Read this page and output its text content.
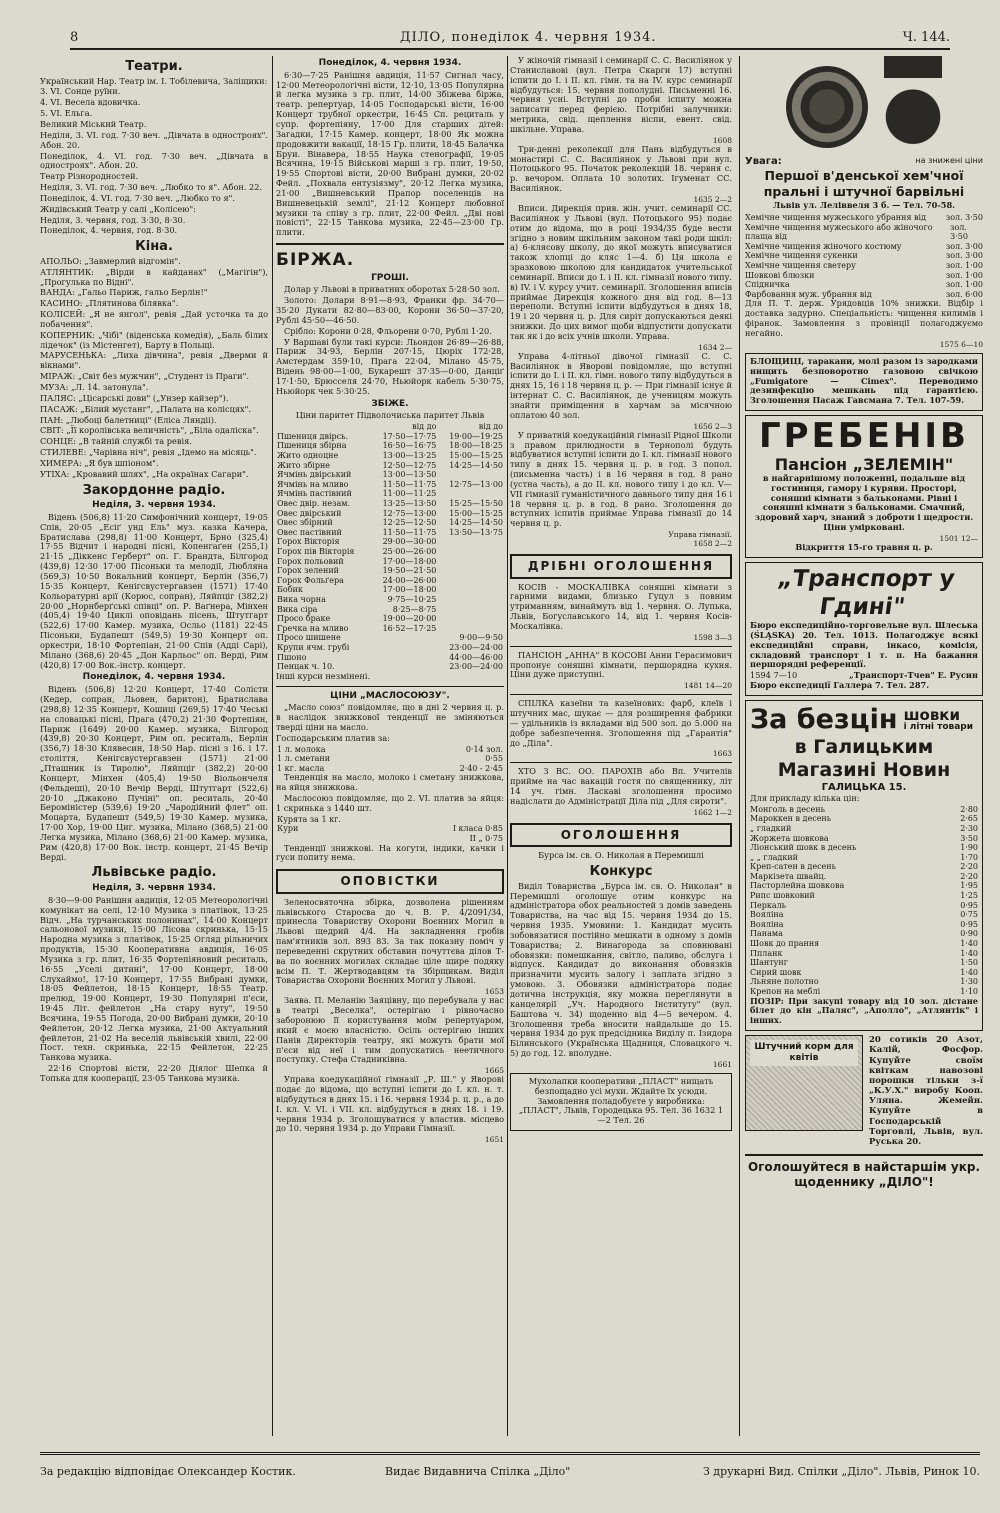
8	ДІЛО, понеділок 4. червня 1934.	Ч. 144.
Театри.

Український Нар. Театр ім. І. Тобілевича, Заліщики:

3. VI. Сонце руїни.

4. VI. Весела вдовичка.

5. VI. Ельга.

Великий Міський Театр.

Неділя, 3. VI. год. 7·30 веч. „Дівчата в одностроях". Абон. 20.

Понеділок, 4. VI. год. 7·30 веч. „Дівчата в одностроях". Абон. 20.

Театр Різнородностей.

Неділя, 3. VI. год. 7·30 веч. „Любко то я". Абон. 22.

Понеділок, 4. VI. год. 7·30 веч. „Любко то я".

Жидівський Театр у салі „Колісею":

Неділя, 3. червня, год. 3·30, 8·30.

Понеділок, 4. червня, год. 8·30.

Кіна.

АПОЛЬО: „Завмерлий відгомін".

АТЛЯНТИК: „Вірди в кайданах" („Магігін"), „Прогулька по Відні".

ВАНДА: „Гальо Париж, гальо Берлін!"

КАСИНО: „Плятинова білявка".

КОЛІСЕЙ: „Я не янгол", ревія „Дай усточка та до побачення".

КОПЕРНИК: „Чібі" (віденська комедія), „Баль білих лідечок" (із Містенгет), Барту в Польщі.

МАРУСЕНЬКА: „Лиха дівчина", ревія „Дверми й вікнами".

МІРАЖ: „Світ без мужчин", „Студент із Праги".

МУЗА: „Л. 14. затонула".

ПАЛЯС: „Цісарські дови" („Унзер кайзер").

ПАСАЖ: „Білий мустанг", „Палата на колісцях".

ПАН: „Любоці балетниці" (Еліса Ляндіі).

СВІТ: „Її королівська величність", „Біла одаліска".

СОНЦЕ: „В тайній службі та ревія.

СТИЛЕВЕ: „Чарівна ніч", ревія „Ідемо на місяць".

ХИМЕРА: „Я був шпіоном".

УТІХА: „Кровавий шлях", „На окраїнах Сагари".

Закордонне радіо.
Неділя, 3. червня 1934.

Відень (506,8) 11·20 Симфонічний концерт, 19·05 Спів, 20·05 „Есіґ унд Ель" муз. казка Качера, Братислава (298,8) 11·00 Концерт, Брно (325,4) 17·55 Відчит і народні пісні, Копенгаґен (255,1) 21·15 „Діккенс Герберт" оп. Г. Брандта, Білгород (439,8) 12·30 17·00 Пісоньки та мелодії, Любляна (569,3) 10·50 Вокальний концерт, Берлін (356,7) 15·35 Концерт, Кенігсвустергавзен (1571) 17·40 Кольоратурні арії (Корюс, сопран), Ляйпціг (382,2) 20·00 „Норнберґські співці" оп. Р. Ваґнера, Мінхен (405,4) 19·40 Циклі оповідань пісень, Штутгарт (522,6) 17·00 Камер. музика, Осльо (1181) 22·45 Пісоньки, Будапешт (549,5) 19·30 Концерт оп. оркестри, 18·10 Фортепіан, 21·00 Спів (Адді Сарі), Мілано (368,6) 20·45 „Дон Карльос" оп. Верді, Рим (420,8) 17·00 Вок.-інстр. концерт.

Понеділок, 4. червня 1934.

Відень (506,8) 12·20 Концерт, 17·40 Солісти (Кедер, сопран, Льовен, баритон), Братислава (298,8) 12·35 Концерт, Кошиці (269,5) 17·40 Чеські на словацькі пісні, Прага (470,2) 21·30 Фортепіян, Париж (1649) 20·00 Камер. музика, Білгород (439,8) 20·30 Концерт, Рим оп. реситаль, Берлін (356,7) 18·30 Клявесин, 18·50 Нар. пісні з 16. і 17. століття, Кенігсвустергавзен (1571) 21·00 „Пташник із Тиролю", Ляйпціг (382,2) 20·00 Концерт, Мінхен (405,4) 19·50 Віольончеля (Фельдеші), 20·10 Вечір Верді, Штутгарт (522,6) 20·10 „Джаконо Пучіні" оп. реситаль, 20·40 Бероміністер (539,6) 19·20 „Чародійний флет" оп. Моцарта, Будапешт (549,5) 19·30 Камер. музика, 17·00 Хор, 19·00 Циг. музика, Мілано (368,5) 21·00 Легка музика, Мілано (368,6) 21·00 Камер. музика, Рим (420,8) 17·00 Вок. інстр. концерт, 21·45 Вечір Верді.

Львівське радіо.
Неділя, 3. червня 1934.

8·30—9·00 Ранішня авдиція, 12·05 Метеорологічні комунікат на селі, 12·10 Музика з платівок, 13·25 Відч. „На турчанських полонинах", 14·00 Концерт сальонової музики, 15·00 Лісова скринька, 15·15 Народна музика з платівок, 15·25 Огляд рільничих продуктів, 15·30 Кооперативна авдиція, 16·05 Музика з гр. плит, 16·35 Фортепіяновий реситаль, 16·55 „Уселі дитині", 17·00 Концерт, 18·00 Слухаймо!, 17·10 Концерт, 17·55 Вибрані думки, 18·05 Фейлетон, 18·15 Концерт, 18·55 Театр. прелюд, 19·00 Концерт, 19·30 Популярні п'єси, 19·45 Літ. фейлетон „На стару нуту", 19·50 Всячина, 19·55 Погода, 20·00 Вибрані думки, 20·10 Фейлетон, 20·12 Легка музика, 21·00 Актуальний фейлетон, 21·02 На веселій львівській хвилі, 22·00 Пост. техн. скринька, 22·15 Фейлетон, 22·25 Танкова музика.

22·16 Спортові вісти, 22·20 Діялог Шепка й Топька для кооперації, 23·05 Танкова музика.

Понеділок, 4. червня 1934.

6·30—7·25 Ранішня авдиція, 11·57 Сигнал часу, 12·00 Метеорологічні вісти, 12·10, 13·05 Популярна й легка музика з гр. плит, 14·00 Збіжева біржа, театр. репертуар, 14·05 Господарські вісти, 16·00 Концерт трубної оркестри, 16·45 Сп. рециталь у супр. фортепіяну, 17·00 Для старших дітей: Загадки, 17·15 Камер. концерт, 18·00 Як можна продовжити вакації, 18·15 Гр. плити, 18·45 Балачка Бруи. Вінавера, 18·55 Наука стенографії, 19·05 Всячина, 19·15 Військові марші з гр. плит, 19·50, 19·55 Спортові вісти, 20·00 Вибрані думки, 20·02 Фейл. „Похвала ентузіязму", 20·12 Легка музика, 21·00 „Вишневський Прапор поселенців на Вишневецькій землі", 21·12 Концерт любовної музики та співу з гр. плит, 22·00 Фейл. „Дві нові повісті", 22·15 Танкова музика, 22·45—23·00 Гр. плити.

БІРЖА.
ГРОШІ.

Долар у Львові в приватних оборотах 5·28·50 зол.

Золото: Долари 8·91—8·93, Франки фр. 34·70—35·20 Дукати 82·80—83·00, Корони 36·50—37·20, Рублі 45·50—46·50.

Срібло: Корони 0·28, Фльорени 0·70, Рублі 1·20.

У Варшаві були такі курси: Льондон 26·89—26·88, Париж 34·93, Берлін 207·15, Цюріх 172·28, Амстердам 359·10, Прага 22·04, Мілано 45·75, Відень 98·00—1·00, Букарешт 37·35—0·00, Данціґ 17·1·50, Брюсселя 24·70, Ньюйорк кабель 5·30·75, Ньюйорк чек 5·30·25.

ЗБІЖЕ.

Ціни паритет Підволочиська паритет Львів

	від до	від до
Пшениця двірсь.	17·50—17·75	19·00—19·25
Пшениця збірна	16·50—16·75	18·00—18·25
Жито одноцне	13·00—13·25	15·00—15·25
Жито збірне	12·50—12·75	14·25—14·50
Ячмінь двірський	13·00—13·50	
Ячмінь на мливо	11·50—11·75	12·75—13·00
Ячмінь пастівний	11·00—11·25	
Овес двір. незам.	13·25—13·50	15·25—15·50
Овес двірський	12·75—13·00	15·00—15·25
Овес збірний	12·25—12·50	14·25—14·50
Овес пастівний	11·50—11·75	13·50—13·75
Горох Вікторія	29·00—30·00	
Горох пів Вікторія	25·00—26·00	
Горох польовий	17·00—18·00	
Горох зелений	19·50—21·50	
Горох Фольґера	24·00—26·00	
Бобик	17·00—18·00	
Вика чорна	9·75—10·25	
Вика сіра	8·25—8·75	
Просо браке	19·00—20·00	
Гречка на мливо	16·52—17·25	
Просо шишене		9·00—9·50
Крупи ячм. грубі		23·00—24·00
Пшоно		44·00—46·00
Пенцак ч. 10.		23·00—24·00

Інші курси незмінені.

ЦІНИ „МАСЛОСОЮЗУ".

„Масло союз" повідомляє, що в дні 2 червня ц. р. в наслідок знижкової тенденції не зміняються тверді ціни на масло.

Господарським платив за:

1 л. молока	0·14 зол.
1 л. сметани	0·55
1 кг. масла	2·40 - 2·45

Тенденція на масло, молоко і сметану знижкова, на яйця знижкова.

Маслосоюз повідомляє, що 2. VI. платив за яйця: 1 скринька з 1440 шт.

Курята за 1 кг.	
Кури	I класа 0·85
	II „ 0·75

Тенденції знижкові. На когути, індики, качки і гуси попиту нема.

ОПОВІСТКИ

Зеленосвяточна збірка, дозволена рішенням львівського Старосва до ч. В. Р. 4/2091/34, принесла Товариству Охорони Воєнних Могил в Львові щедрий 4/4. На закладнення гробів пам'ятників зол. 893 83. За так показну поміч у переведенні скрутних обставин почуттєва ділов Т-ва по воєнних могилах складає ціле щире подяку всім П. Т. Жертводавцям та Збірщикам. Виділ Товариства Охорони Воєнних Могил у Львові.

1653

Заява. П. Меланію Заяцівну, що перебувала у нас в театрі „Веселка", остерігаю і рівночасно заборонюю її користування моїм репертуаром, який є моєю власністю. Осіль остерігаю інших Панів Директорів театру, які можуть брати мої п'єси від неї і тим допускатись неетичного поступку. Стефа Стадниківна.

1665

Управа коедукаційної гімназії „Р. Ш." у Яворові подає до відома, що вступні іспити до I. кл. н. т. відбудуться в днях 15. і 16. червня 1934 р. ц. р., а до I. кл. V. VI. і VII. кл. відбудуться в днях 18. і 19. червня 1934 р. Зголошуватися у властив. місцево до 10. червня 1934 р. до Управи Гімназії.

1651

У жіночій гімназії і семинарії С. С. Василіянок у Станиславові (вул. Петра Скарги 17) вступні іспити до I. і II. кл. гімн. та на IV. курс семинарії відбудуться: 15. червня пополудні. Письменні 16. червня усні. Вступні до проби іспиту можна записати перед ферією. Потрібні залучники: метрика, свід. щеплення віспи, евент. свід. шкільне. Управа.

1608

Три-денні реколекції для Пань відбудуться в монастирі С. С. Василіянок у Львові при вул. Потоцького 95. Початок реколекцій 18. червня с. р. вечором. Оплата 10 золотих. Ігуменат СС. Василіянок.

1635 2—2

Вписи. Дирекція прив. жін. учит. семинарії СС. Василіянок у Львові (вул. Потоцького 95) подає отим до відома, що в році 1934/35 буде вести згідно з новим шкільним законом такі роди шкіл: а) 6-клясову школу, до якої можуть вписуватися також хлопці до кляс 1—4. б) Ця школа є зразковою школою для кандидаток учительської семинарії. Вписи до I. і II. кл. гімназії нового типу. в) IV. і V. курсу учит. семинарії. Зголошення вписів приймає Дирекція кожного дня від год. 8—13 переполи. Вступні іспити відбудуться в днях 18, 19 і 20 червня ц. р. Для сиріт допускаються деякі знижки. До цих вимог щоби відпустити допускати так як і до всіх учнів школи. Управа.

1634 2—

Управа 4-літньої дівочої гімназії С. С. Василіянок в Яворові повідомляє, що вступні іспити до I. і II. кл. гімн. нового типу відбудуться в днях 15, 16 і 18 червня ц. р. — При гімназії існує й інтернат С. С. Василіянок, де ученицям можуть знайти приміщення в харчам за місячною оплатою 40 зол.

1656 2—3

У приватній коедукаційній гімназії Рідної Школи з правом прилюдности в Тернополі будуть відбуватися вступні іспити до I. кл. гімназії нового типу в днях 15. червня ц. р. в год. 3 попол. (письменна часть) і в 16 червня в год. 8 рано (устна часть), а до II. кл. нового типу і до кл. V—VII гімназії гуманістичного давнього типу дня 16 і 18 червня ц. р. в год. 8 рано. Зголошення до вступних іспитів приймає Управа гімназії до 14 червня ц. р.

Управа гімназії.
1658 2—2
ДРІБНІ ОГОЛОШЕННЯ

КОСІВ - МОСКАЛІВКА соняшні кімнати з гарними видами, близько Гуцул з повним утриманням, винаймуть від 1. червня. О. Лупька, Львів, Богуславського 14, від 1. червня Косів-Москалівка.

1598 3—3

ПАНСІОН „АННА" В КОСОВІ Анни Герасимович пропонує соняшні кімнати, першорядна кухня. Ціни дуже приступні.

1481 14—20

СПІЛКА казеїни та казеїнових: фарб, клеїв і штучних мас, шукає — для розширення фабрики — удільників із вкладами від 500 зол. до 5.000 на добре забезпечення. Зголошення під „Гарантія" до „Діла".

1663

ХТО З ВС. ОО. ПАРОХІВ або Вп. Учителів прийме на час вакацій гостя по священнику, літ 14 уч. гімн. Ласкаві зголошення просимо надіслати до Адміністрації Діла під „Для сироти".

1662 1—2
ОГОЛОШЕННЯ

Бурса ім. св. О. Николая в Перемишлі

Конкурс

Виділ Товариства „Бурса ім. св. О. Николая" в Перемишлі оголошує отим конкурс на адміністратора обох реальностей з домів заведень Товариства, на час від 15. червня 1934 до 15. червня 1935. Умовини: 1. Кандидат мусить зобовязатися постійно мешкати в одному з домів Товариства; 2. Винагорода за сповнювані обовязки: помешкання, світло, паливо, обслуга і відпуск. Кандидат до виконання обовязків призначити мусить залогу і заплата згідно з умовою. 3. Обовязки адміністратора подає дотична інструкція, яку можна переглянути в канцелярії „Уч. Народного Інституту" (вул. Баштова ч. 34) щоденно від 4—5 вечером. 4. Зголошення треба вносити найдальше до 15. червня 1934 до рук предсідника Виділу п. Ізидора Білинського (Українська Щадниця, Словацкого ч. 5) до год. 12. вполудне.

1661

Мухолапки кооперативи „ПЛАСТ" нищать безпощадно усі мухи. Ждайте їх усюди. Замовлення поладобуєте у виробника: „ПЛАСТ", Львів, Городецька 95. Тел. 36 1632 1—2 Тел. 26

Увага:	на знижені ціни
Першої в'денської хем'чної пральні і штучної барвільні

Львів ул. Леліввеля 3 б. — Тел. 70-58.

Хемічне чищення мужеського убрання від зол. 3·50
Хемічне чищення мужеського або жіночого плаща від
зол. 3·50
Хемічне чищення жіночого костюму	зол. 3·00
Хемічне чищення сукенки	зол. 3·00
Хемічне чищення светеру	зол. 1·00
Шовкові блюзки	зол. 1·00
Спідничка	зол. 1·00
Фарбовання муж. убрання від	зол. 6·00

Для П. Т. держ. Урядовців 10% знижки. Відбір і доставка задурно. Спеціальність: чищення килимів і фіранок. Замовлення з провінції полагоджуємо негайно.

1575 6—10

БЛОЩИЦІ, таракани, молі разом із зародками нищить безповоротно газовою свічкою „Fumigatore — Cimex". Переводимо дезинфекцію мешкань під гарантією. Зголошення Пасаж Гавсмана 7. Тел. 107-59.

ГРЕБЕНІВ
Пансіон „ЗЕЛЕМІН"

в найгарнішому положенні, подальше від гостиниця, гамору і куряви. Просторі, соняшні кімнати з бальконами. Рівні і соняшні кімнати з бальконами. Смачний, здоровий харч, знаний з доброти і щедрости. Ціни умірковані.

1501 12—

Відкриття 15-го травня ц. р.

„Транспорт у Гдині"

Бюро експедиційно-торговельне вул. Шлеська (ŚLĄSKA) 20. Тел. 1013. Полагоджує всякі експедиційні справи, інкасо, комісія, складовий транспорт і т. п. На бажання першорядні референції.

1594 7—10	„Транспорт-Тчев" Е. Русин

Бюро експедиції Галлера 7. Тел. 287.

За безцін шовки
і літні товари
в Галицьким Магазині Новин
ГАЛИЦЬКА 15.

Для прикладу кілька цін:

Монголь в десень	2·80
Мароккен в десень	2·65
„ гладкий	2·30
Жоржета шовкова	3·50
Ліонський шовк в десень	1·90
„ „ гладкий	1·70
Креп-сатен в десень	2·20
Маркізета швайц.	2·20
Пасторлейна шовкова	1·95
Рипс шовковий	1·25
Перкаль	0·95
Вояліна	0·75
Вояліна	0·95
Панама	0·90
Шовк до прання	1·40
Ппланк	1·40
Шантунг	1·50
Сирий шовк	1·40
Льняне полотно	1·30
Крепон на меблі	1·10

ПОЗІР: При закупі товару від 10 зол. дістане білет до кін „Паляс", „Аполло", „Атлянтік" і інших.

Штучний корм для квітів

20 сотиків 20 Азот, Калій, Фосфор. Купуйте своїм квіткам навозові порошки тільки з-ї „К.У.Х." виробу Кооп. Уляна. Жемейн. Купуйте в Господарській Торговлі, Львів, вул. Руська 20.

Оголошуйтеся в найстаршім укр. щоденнику „ДІЛО"!
За редакцію відповідає Олександер Костик.	Видає Видавнича Спілка „Діло"	З друкарні Вид. Спілки „Діло". Львів, Ринок 10.
